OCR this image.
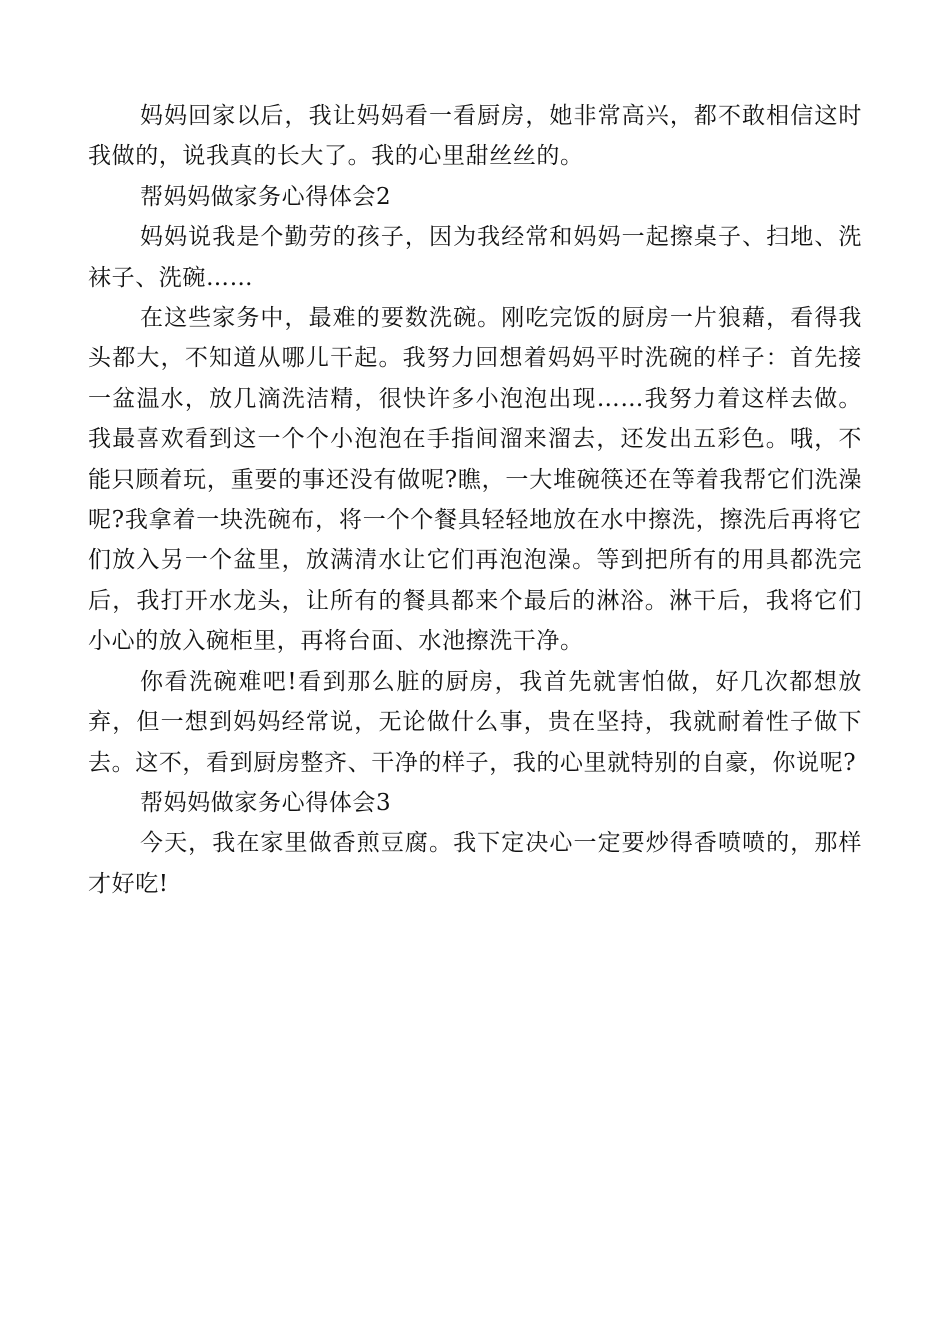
妈妈回家以后，我让妈妈看一看厨房，她非常高兴，都不敢相信这时我做的，说我真的长大了。我的心里甜丝丝的。

帮妈妈做家务心得体会2

妈妈说我是个勤劳的孩子，因为我经常和妈妈一起擦桌子、扫地、洗袜子、洗碗……

在这些家务中，最难的要数洗碗。刚吃完饭的厨房一片狼藉，看得我头都大，不知道从哪儿干起。我努力回想着妈妈平时洗碗的样子：首先接一盆温水，放几滴洗洁精，很快许多小泡泡出现……我努力着这样去做。我最喜欢看到这一个个小泡泡在手指间溜来溜去，还发出五彩色。哦，不能只顾着玩，重要的事还没有做呢?瞧，一大堆碗筷还在等着我帮它们洗澡呢?我拿着一块洗碗布，将一个个餐具轻轻地放在水中擦洗，擦洗后再将它们放入另一个盆里，放满清水让它们再泡泡澡。等到把所有的用具都洗完后，我打开水龙头，让所有的餐具都来个最后的淋浴。淋干后，我将它们小心的放入碗柜里，再将台面、水池擦洗干净。

你看洗碗难吧!看到那么脏的厨房，我首先就害怕做，好几次都想放弃，但一想到妈妈经常说，无论做什么事，贵在坚持，我就耐着性子做下去。这不，看到厨房整齐、干净的样子，我的心里就特别的自豪，你说呢?

帮妈妈做家务心得体会3

今天，我在家里做香煎豆腐。我下定决心一定要炒得香喷喷的，那样才好吃!
